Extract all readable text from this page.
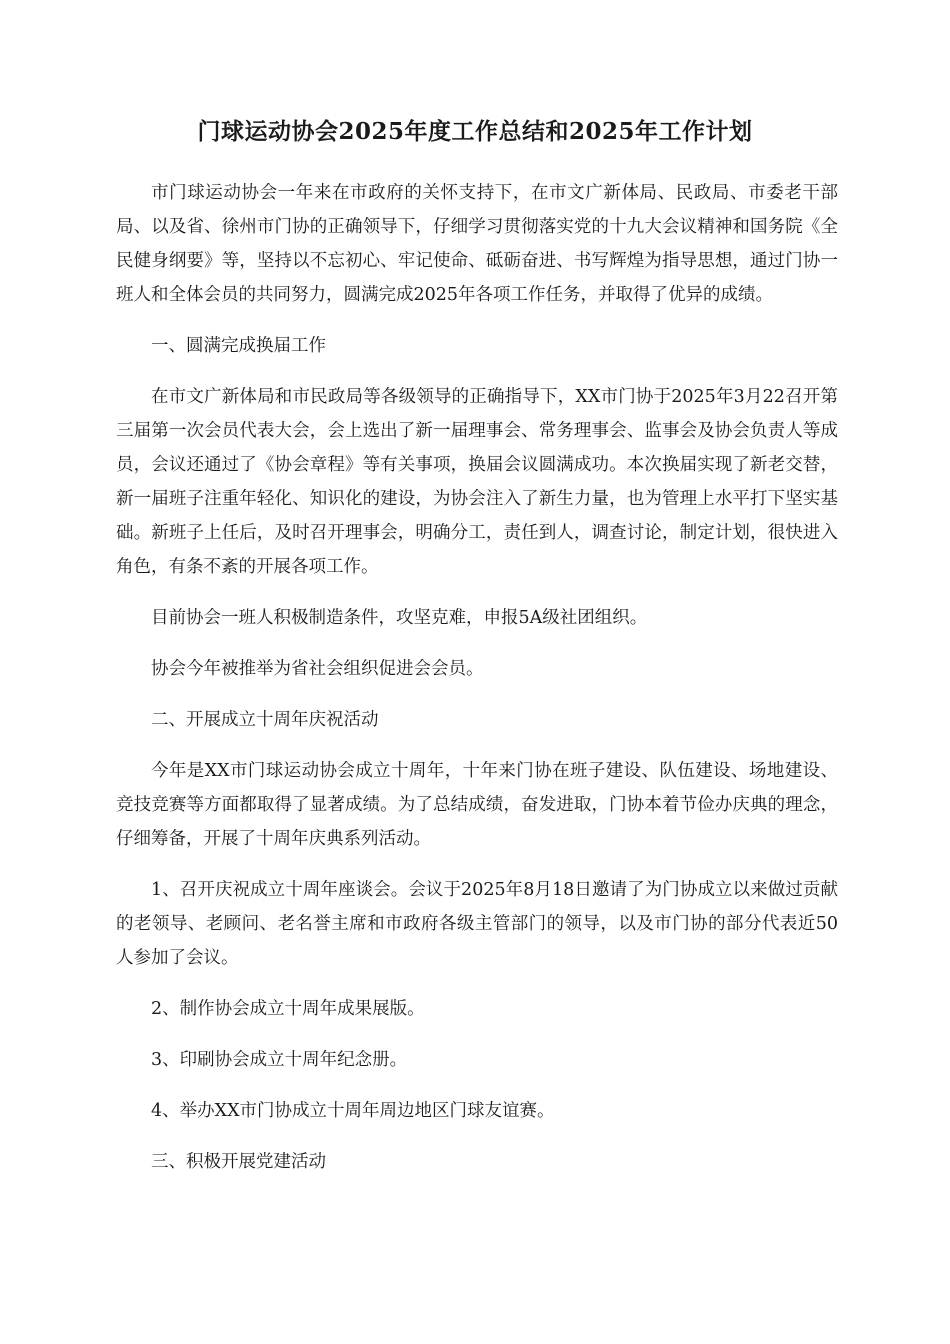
门球运动协会2025年度工作总结和2025年工作计划

市门球运动协会一年来在市政府的关怀支持下，在市文广新体局、民政局、市委老干部局、以及省、徐州市门协的正确领导下，仔细学习贯彻落实党的十九大会议精神和国务院《全民健身纲要》等，坚持以不忘初心、牢记使命、砥砺奋进、书写辉煌为指导思想，通过门协一班人和全体会员的共同努力，圆满完成2025年各项工作任务，并取得了优异的成绩。

一、圆满完成换届工作

在市文广新体局和市民政局等各级领导的正确指导下，XX市门协于2025年3月22召开第三届第一次会员代表大会，会上选出了新一届理事会、常务理事会、监事会及协会负责人等成员，会议还通过了《协会章程》等有关事项，换届会议圆满成功。本次换届实现了新老交替，新一届班子注重年轻化、知识化的建设，为协会注入了新生力量，也为管理上水平打下坚实基础。新班子上任后，及时召开理事会，明确分工，责任到人，调查讨论，制定计划，很快进入角色，有条不紊的开展各项工作。

目前协会一班人积极制造条件，攻坚克难，申报5A级社团组织。

协会今年被推举为省社会组织促进会会员。

二、开展成立十周年庆祝活动

今年是XX市门球运动协会成立十周年，十年来门协在班子建设、队伍建设、场地建设、竞技竞赛等方面都取得了显著成绩。为了总结成绩，奋发进取，门协本着节俭办庆典的理念，仔细筹备，开展了十周年庆典系列活动。

1、召开庆祝成立十周年座谈会。会议于2025年8月18日邀请了为门协成立以来做过贡献的老领导、老顾问、老名誉主席和市政府各级主管部门的领导，以及市门协的部分代表近50人参加了会议。

2、制作协会成立十周年成果展版。

3、印刷协会成立十周年纪念册。

4、举办XX市门协成立十周年周边地区门球友谊赛。

三、积极开展党建活动
